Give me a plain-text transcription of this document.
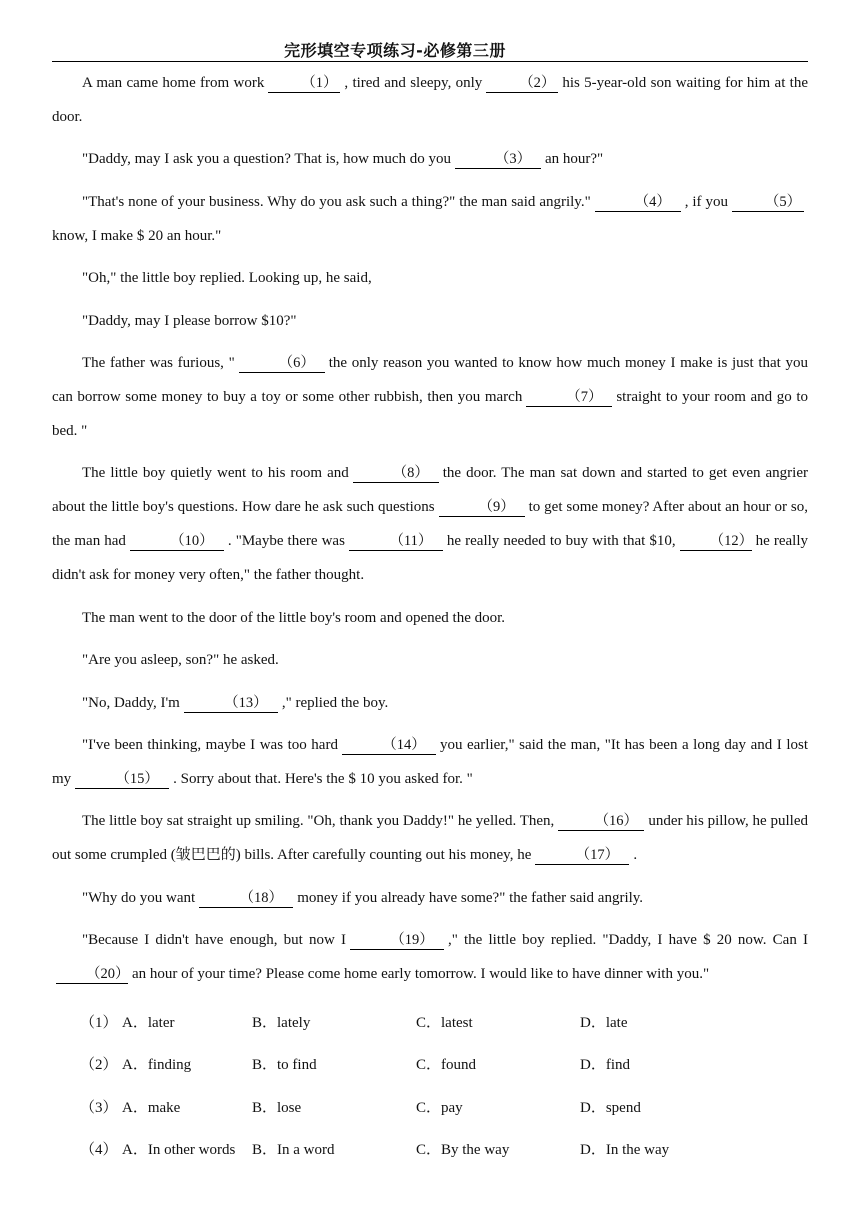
完形填空专项练习-必修第三册

A man came home from work	（1） , tired and sleepy, only	（2） his 5-year-old son waiting for him at the door.

"Daddy, may I ask you a question? That is, how much do you	（3） an hour?"

"That's none of your business. Why do you ask such a thing?" the man said angrily."	（4） , if you	（5）know, I make $ 20 an hour."

"Oh," the little boy replied. Looking up, he said,

"Daddy, may I please borrow $10?"

The father was furious, "	（6） the only reason you wanted to know how much money I make is just that you can borrow some money to buy a toy or some other rubbish, then you march	（7） straight to your room and go to bed. "

The little boy quietly went to his room and	（8） the door. The man sat down and started to get even angrier about the little boy's questions. How dare he ask such questions	（9） to get some money? After about an hour or so, the man had	（10） . "Maybe there was	（11） he really needed to buy with that $10, （12） he really didn't ask for money very often," the father thought.

The man went to the door of the little boy's room and opened the door.

"Are you asleep, son?" he asked.

"No, Daddy, I'm	（13） ," replied the boy.

"I've been thinking, maybe I was too hard	（14） you earlier," said the man, "It has been a long day and I lost my	（15） . Sorry about that. Here's the $ 10 you asked for. "

The little boy sat straight up smiling. "Oh, thank you Daddy!" he yelled. Then,	（16） under his pillow, he pulled out some crumpled (皱巴巴的) bills. After carefully counting out his money, he	（17） .

"Why do you want	（18） money if you already have some?" the father said angrily.

"Because I didn't have enough, but now I	（19） ," the little boy replied. "Daddy, I have $ 20 now. Can I（20） an hour of your time? Please come home early tomorrow. I would like to have dinner with you."

（1） A．later	B．lately	C．latest	D．late
（2） A．finding	B．to find	C．found	D．find
（3） A．make	B．lose	C．pay	D．spend
（4） A．In other words	B．In a word	C．By the way	D．In the way
